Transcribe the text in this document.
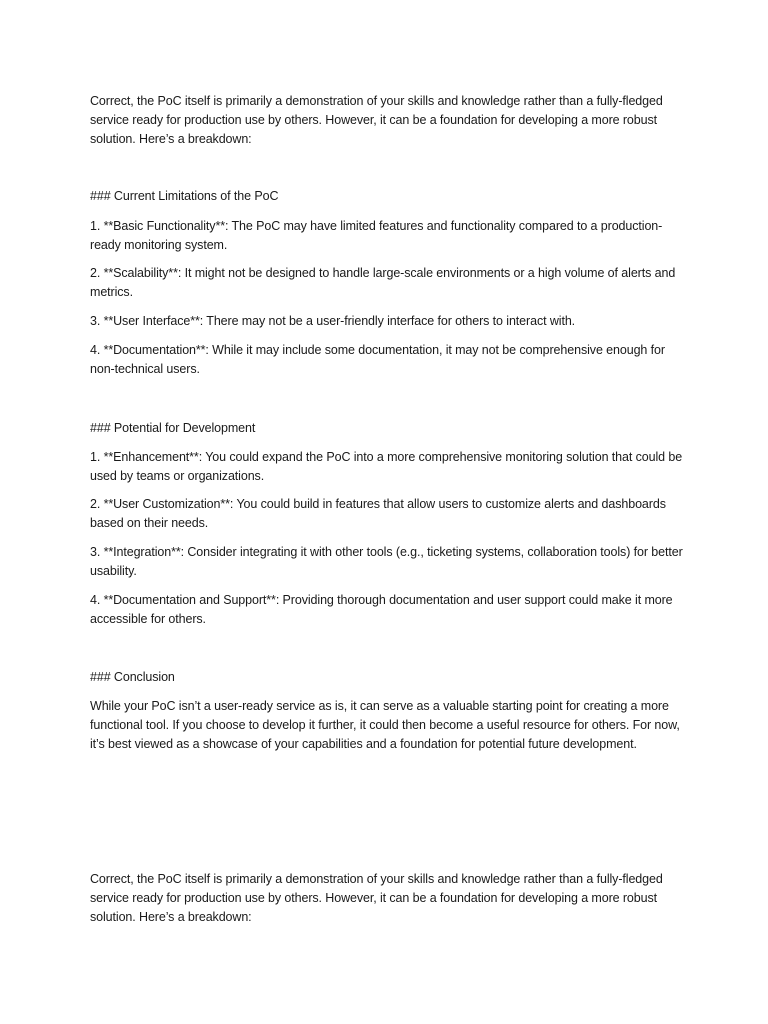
Correct, the PoC itself is primarily a demonstration of your skills and knowledge rather than a fully-fledged service ready for production use by others. However, it can be a foundation for developing a more robust solution. Here’s a breakdown:

### Current Limitations of the PoC

1. **Basic Functionality**: The PoC may have limited features and functionality compared to a production-ready monitoring system.

2. **Scalability**: It might not be designed to handle large-scale environments or a high volume of alerts and metrics.

3. **User Interface**: There may not be a user-friendly interface for others to interact with.

4. **Documentation**: While it may include some documentation, it may not be comprehensive enough for non-technical users.

### Potential for Development

1. **Enhancement**: You could expand the PoC into a more comprehensive monitoring solution that could be used by teams or organizations.

2. **User Customization**: You could build in features that allow users to customize alerts and dashboards based on their needs.

3. **Integration**: Consider integrating it with other tools (e.g., ticketing systems, collaboration tools) for better usability.

4. **Documentation and Support**: Providing thorough documentation and user support could make it more accessible for others.

### Conclusion

While your PoC isn’t a user-ready service as is, it can serve as a valuable starting point for creating a more functional tool. If you choose to develop it further, it could then become a useful resource for others. For now, it’s best viewed as a showcase of your capabilities and a foundation for potential future development.

Correct, the PoC itself is primarily a demonstration of your skills and knowledge rather than a fully-fledged service ready for production use by others. However, it can be a foundation for developing a more robust solution. Here’s a breakdown:
